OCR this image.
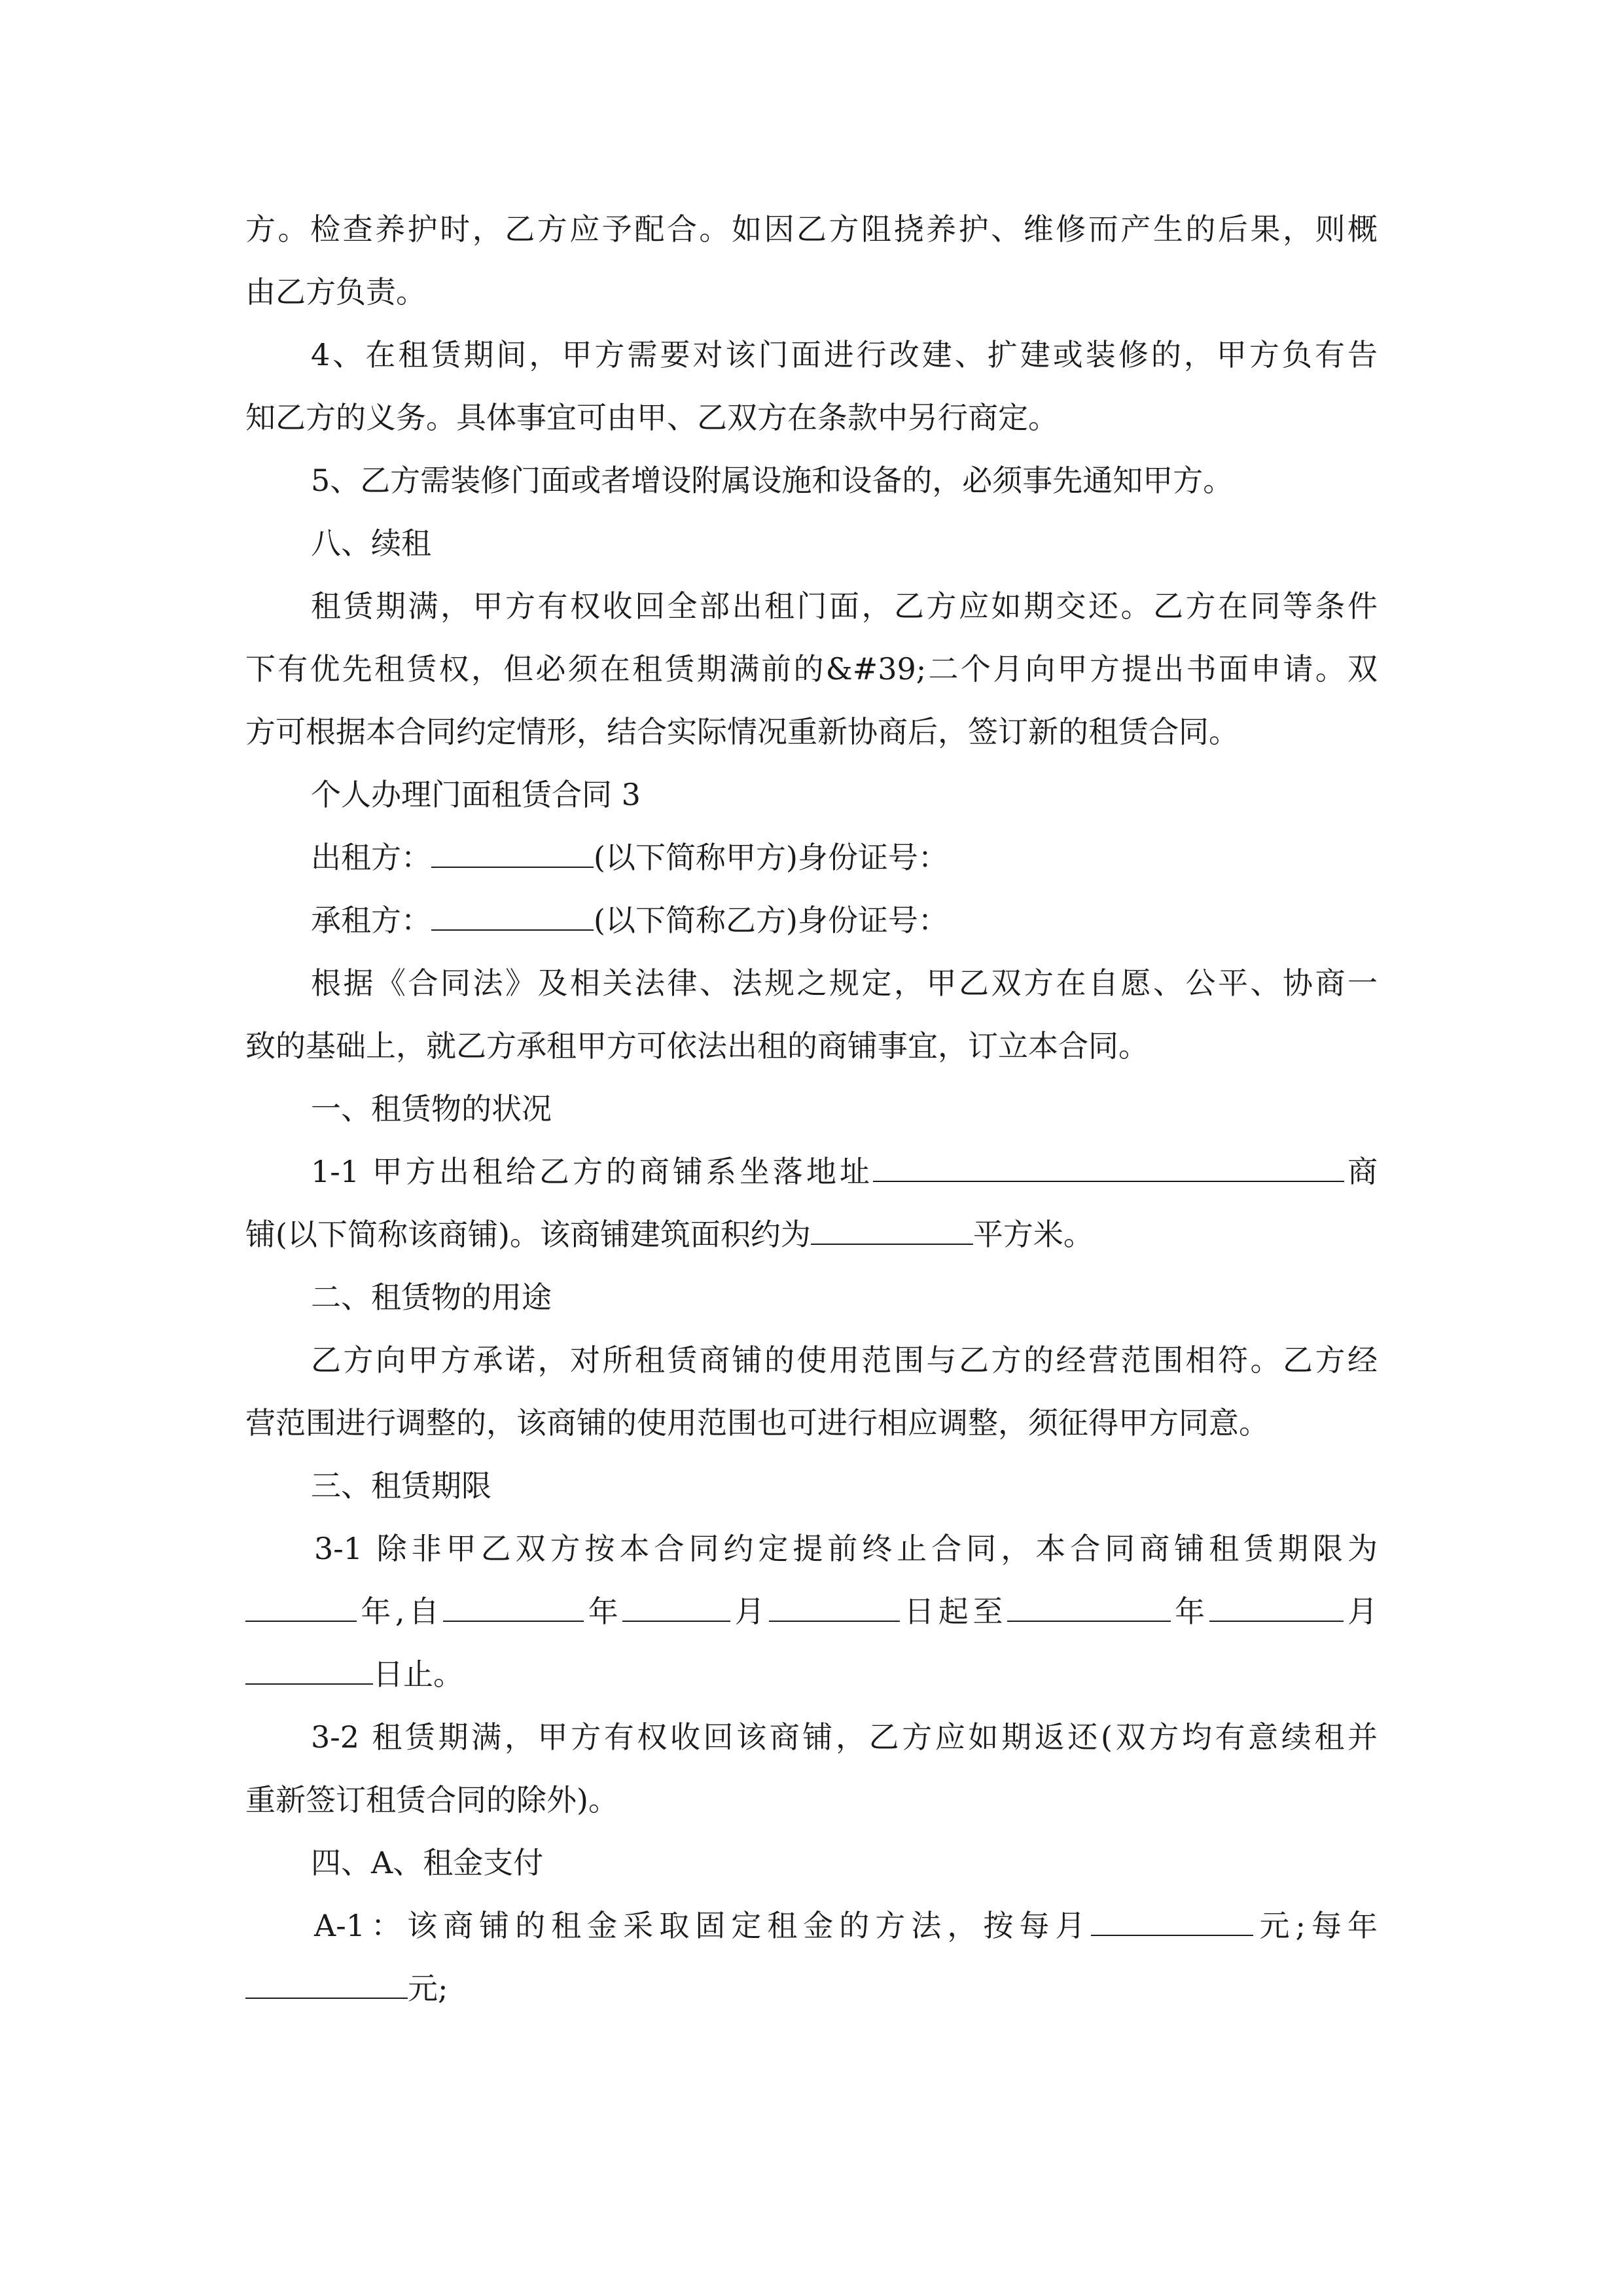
方。检查养护时，乙方应予配合。如因乙方阻挠养护、维修而产生的后果，则概
由乙方负责。
4、在租赁期间，甲方需要对该门面进行改建、扩建或装修的，甲方负有告
知乙方的义务。具体事宜可由甲、乙双方在条款中另行商定。
5、乙方需装修门面或者增设附属设施和设备的，必须事先通知甲方。
八、续租
租赁期满，甲方有权收回全部出租门面，乙方应如期交还。乙方在同等条件
下有优先租赁权，但必须在租赁期满前的&#39;二个月向甲方提出书面申请。双
方可根据本合同约定情形，结合实际情况重新协商后，签订新的租赁合同。
个人办理门面租赁合同 3
出租方：	(以下简称甲方)身份证号：
承租方：	(以下简称乙方)身份证号：
根据《合同法》及相关法律、法规之规定，甲乙双方在自愿、公平、协商一
致的基础上，就乙方承租甲方可依法出租的商铺事宜，订立本合同。
一、租赁物的状况
1-1 甲方出租给乙方的商铺系坐落地址	商
铺(以下简称该商铺)。该商铺建筑面积约为	平方米。
二、租赁物的用途
乙方向甲方承诺，对所租赁商铺的使用范围与乙方的经营范围相符。乙方经
营范围进行调整的，该商铺的使用范围也可进行相应调整，须征得甲方同意。
三、租赁期限
3-1 除非甲乙双方按本合同约定提前终止合同，本合同商铺租赁期限为
年,自	年	月	日起至	年	月
日止。
3-2 租赁期满，甲方有权收回该商铺，乙方应如期返还(双方均有意续租并
重新签订租赁合同的除外)。
四、A、租金支付
A-1：该商铺的租金采取固定租金的方法，按每月	元;每年
元;
